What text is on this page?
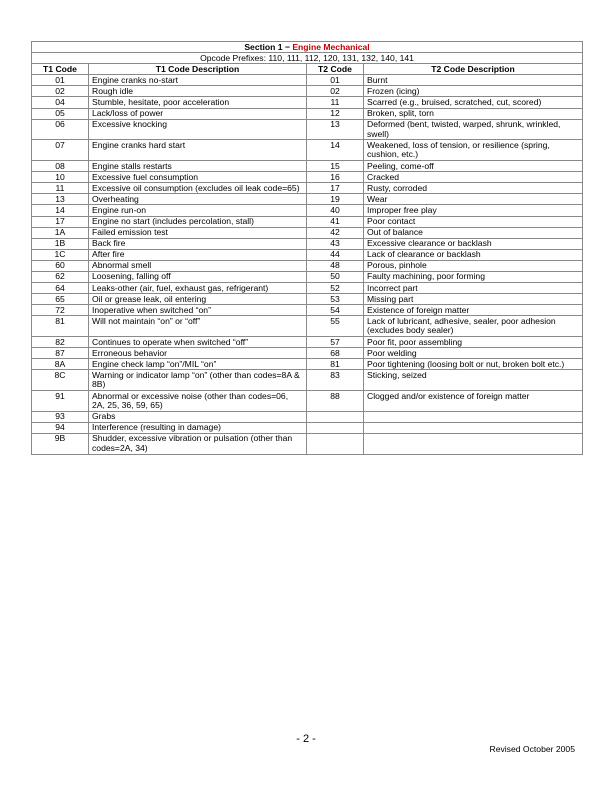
Section 1 − Engine Mechanical			
Opcode Prefixes: 110, 111, 112, 120, 131, 132, 140, 141			
T1 Code	T1 Code Description	T2 Code	T2 Code Description
01	Engine cranks no-start	01	Burnt
02	Rough idle	02	Frozen (icing)
04	Stumble, hesitate, poor acceleration	11	Scarred (e.g., bruised, scratched, cut, scored)
05	Lack/loss of power	12	Broken, split, torn
06	Excessive knocking	13	Deformed (bent, twisted, warped, shrunk, wrinkled, swell)
07	Engine cranks hard start	14	Weakened, loss of tension, or resilience (spring, cushion, etc.)
08	Engine stalls restarts	15	Peeling, come-off
10	Excessive fuel consumption	16	Cracked
11	Excessive oil consumption (excludes oil leak code=65)	17	Rusty, corroded
13	Overheating	19	Wear
14	Engine run-on	40	Improper free play
17	Engine no start (includes percolation, stall)	41	Poor contact
1A	Failed emission test	42	Out of balance
1B	Back fire	43	Excessive clearance or backlash
1C	After fire	44	Lack of clearance or backlash
60	Abnormal smell	48	Porous, pinhole
62	Loosening, falling off	50	Faulty machining, poor forming
64	Leaks-other (air, fuel, exhaust gas, refrigerant)	52	Incorrect part
65	Oil or grease leak, oil entering	53	Missing part
72	Inoperative when switched “on”	54	Existence of foreign matter
81	Will not maintain “on” or “off”	55	Lack of lubricant, adhesive, sealer, poor adhesion (excludes body sealer)
82	Continues to operate when switched “off”	57	Poor fit, poor assembling
87	Erroneous behavior	68	Poor welding
8A	Engine check lamp “on”/MIL “on”	81	Poor tightening (loosing bolt or nut, broken bolt etc.)
8C	Warning or indicator lamp “on” (other than codes=8A & 8B)	83	Sticking, seized
91	Abnormal or excessive noise (other than codes=06, 2A, 25, 36, 59, 65)	88	Clogged and/or existence of foreign matter
93	Grabs		
94	Interference (resulting in damage)		
9B	Shudder, excessive vibration or pulsation (other than codes=2A, 34)		
- 2 -
Revised October 2005
